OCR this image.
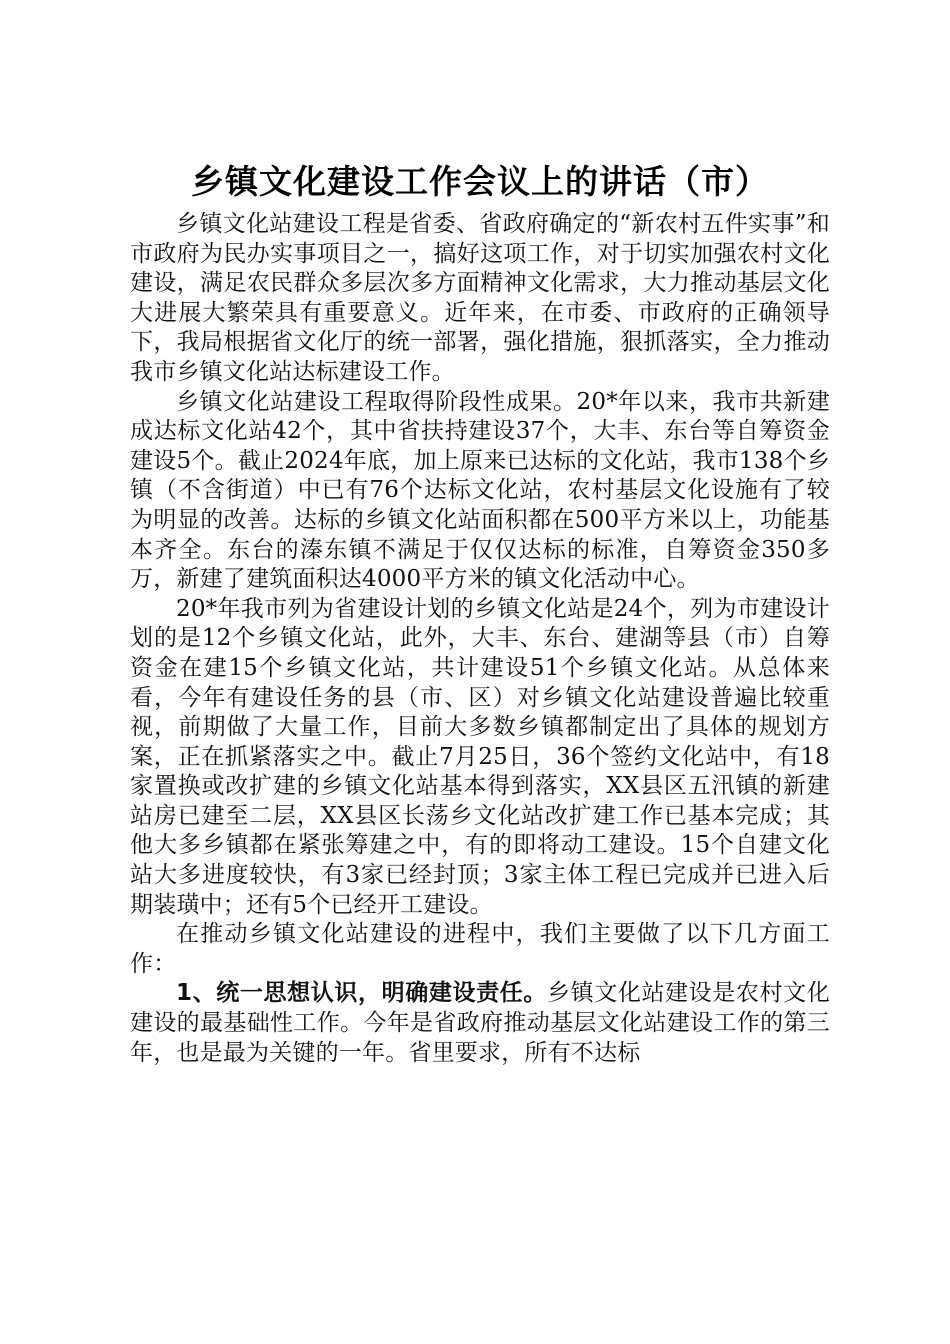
乡镇文化建设工作会议上的讲话（市）

乡镇文化站建设工程是省委、省政府确定的“新农村五件实事”和市政府为民办实事项目之一，搞好这项工作，对于切实加强农村文化建设，满足农民群众多层次多方面精神文化需求，大力推动基层文化大进展大繁荣具有重要意义。近年来，在市委、市政府的正确领导下，我局根据省文化厅的统一部署，强化措施，狠抓落实，全力推动我市乡镇文化站达标建设工作。

乡镇文化站建设工程取得阶段性成果。20*年以来，我市共新建成达标文化站42个，其中省扶持建设37个，大丰、东台等自筹资金建设5个。截止2024年底，加上原来已达标的文化站，我市138个乡镇（不含街道）中已有76个达标文化站，农村基层文化设施有了较为明显的改善。达标的乡镇文化站面积都在500平方米以上，功能基本齐全。东台的溱东镇不满足于仅仅达标的标准，自筹资金350多万，新建了建筑面积达4000平方米的镇文化活动中心。

20*年我市列为省建设计划的乡镇文化站是24个，列为市建设计划的是12个乡镇文化站，此外，大丰、东台、建湖等县（市）自筹资金在建15个乡镇文化站，共计建设51个乡镇文化站。从总体来看，今年有建设任务的县（市、区）对乡镇文化站建设普遍比较重视，前期做了大量工作，目前大多数乡镇都制定出了具体的规划方案，正在抓紧落实之中。截止7月25日，36个签约文化站中，有18家置换或改扩建的乡镇文化站基本得到落实，XX县区五汛镇的新建站房已建至二层，XX县区长荡乡文化站改扩建工作已基本完成；其他大多乡镇都在紧张筹建之中，有的即将动工建设。15个自建文化站大多进度较快，有3家已经封顶；3家主体工程已完成并已进入后期装璜中；还有5个已经开工建设。

在推动乡镇文化站建设的进程中，我们主要做了以下几方面工作：

1、统一思想认识，明确建设责任。乡镇文化站建设是农村文化建设的最基础性工作。今年是省政府推动基层文化站建设工作的第三年，也是最为关键的一年。省里要求，所有不达标
